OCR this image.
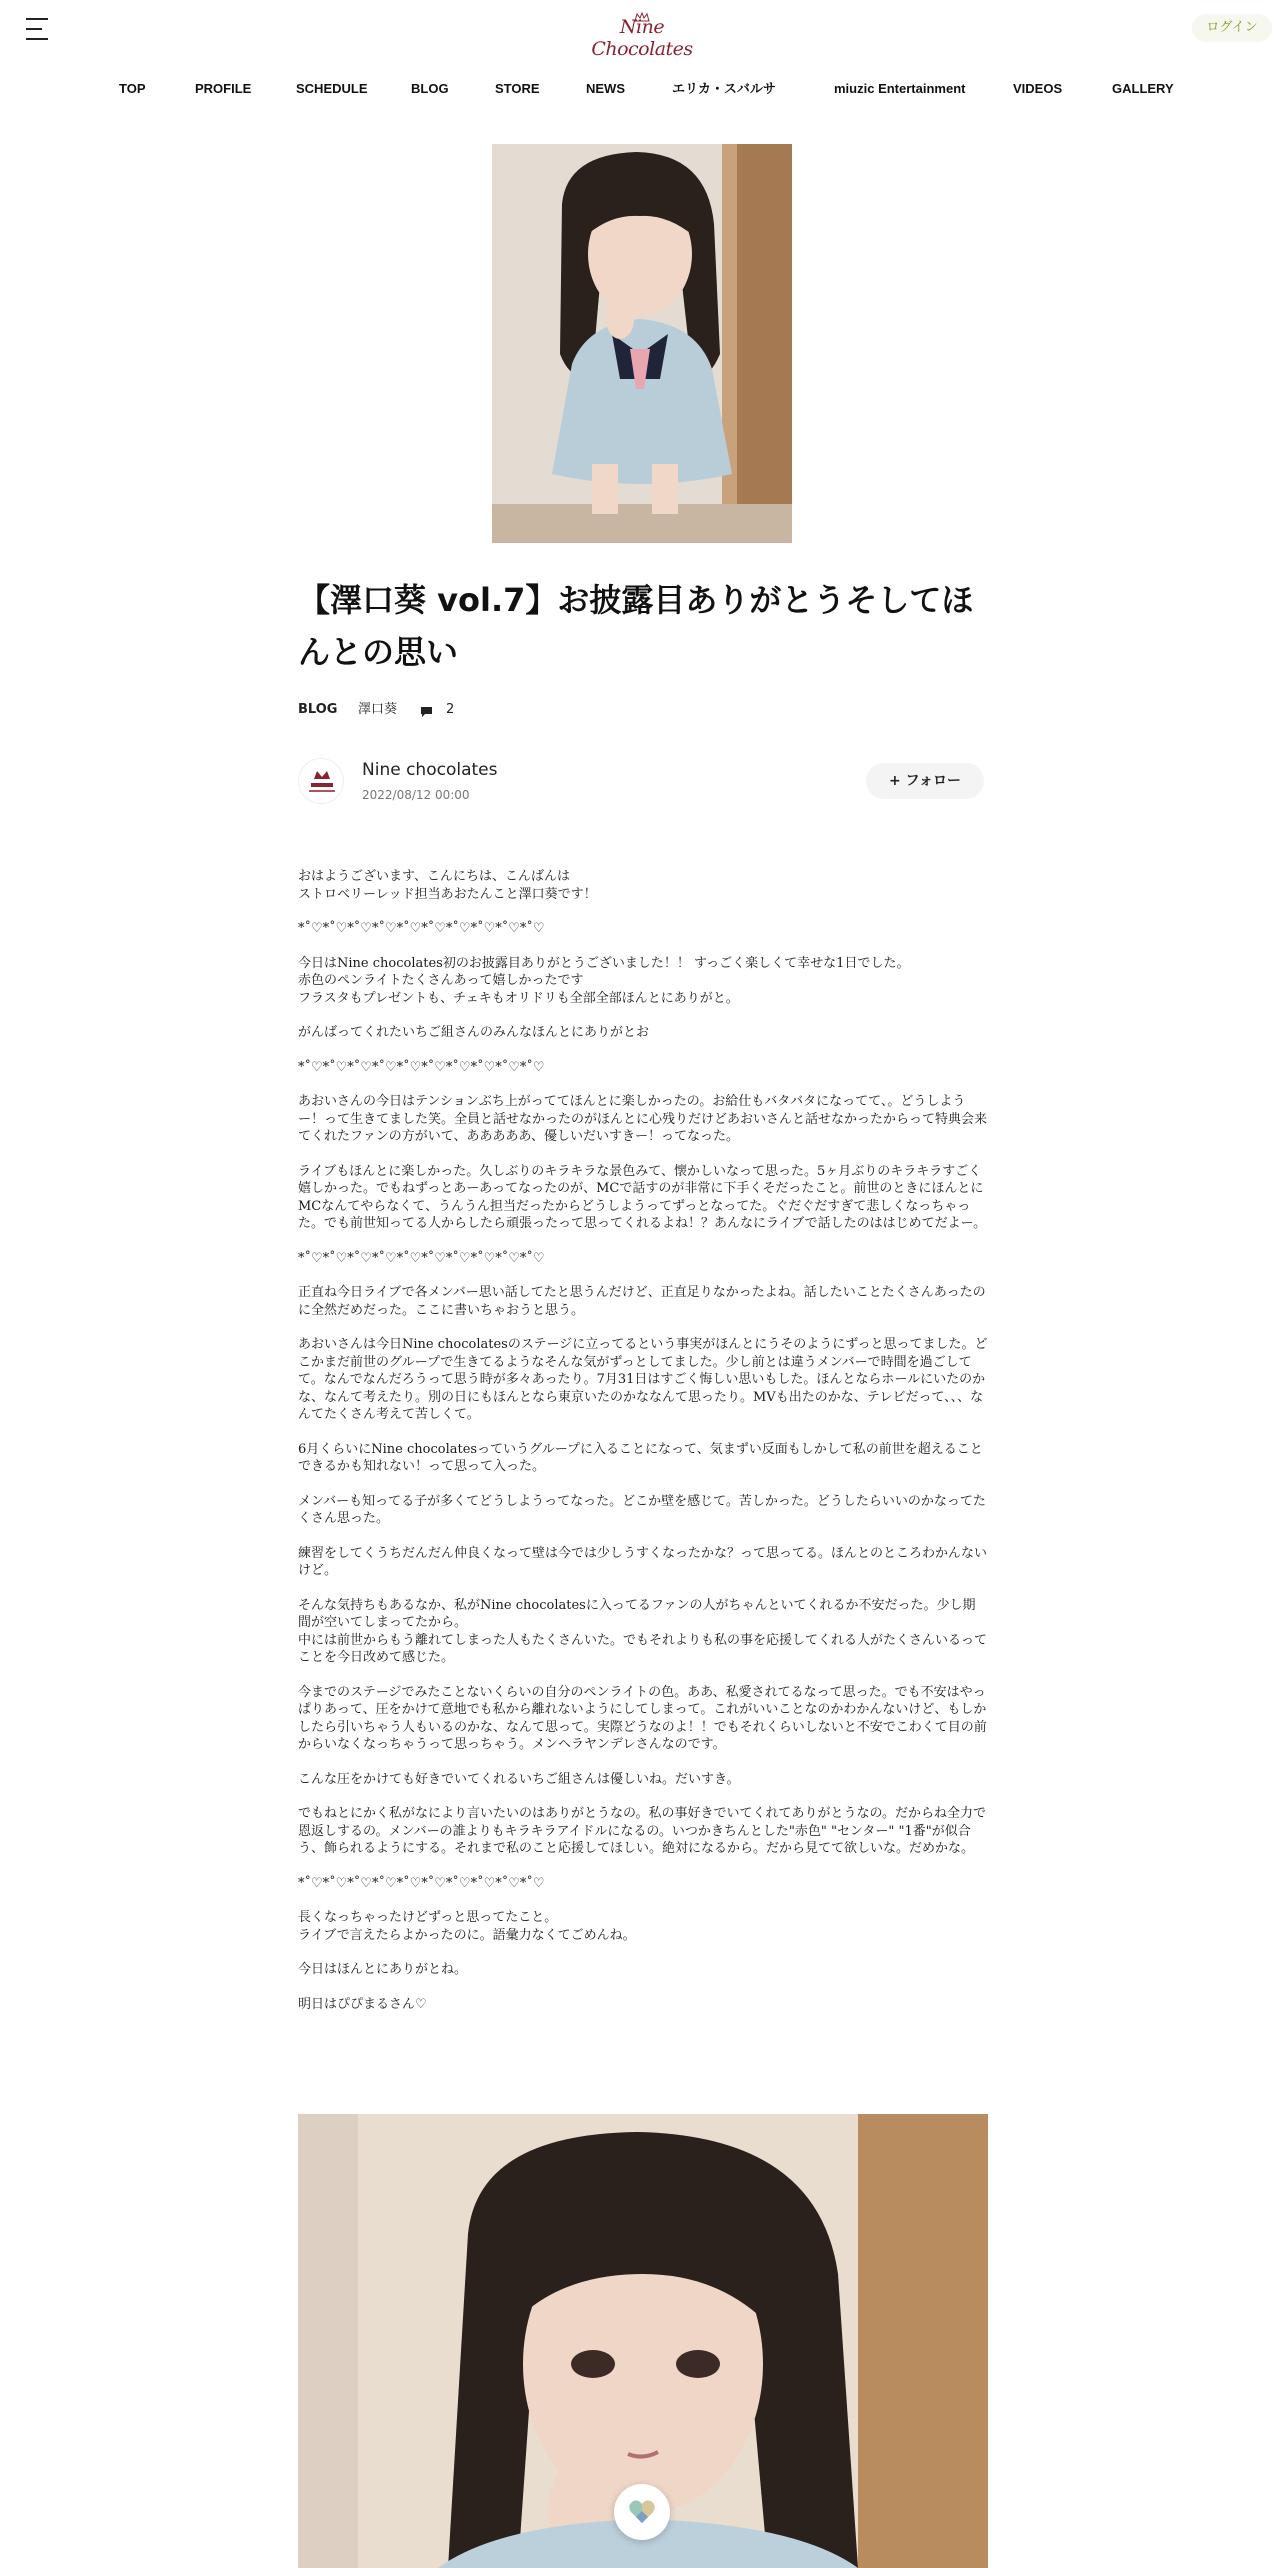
Nine Chocolates
ログイン
TOP	PROFILE	SCHEDULE	BLOG	STORE	NEWS	エリカ・スバルサ	miuzic Entertainment	VIDEOS	GALLERY
【澤口葵 vol.7】お披露目ありがとうそしてほんとの思い
BLOG 澤口葵	2
Nine chocolates
2022/08/12 00:00
+ フォロー

おはようございます、こんにちは、こんばんは
ストロベリーレッド担当あおたんこと澤口葵です！

*˚♡*˚♡*˚♡*˚♡*˚♡*˚♡*˚♡*˚♡*˚♡*˚♡

今日はNine chocolates初のお披露目ありがとうございました！！ すっごく楽しくて幸せな1日でした。
赤色のペンライトたくさんあって嬉しかったです
フラスタもプレゼントも、チェキもオリドリも全部全部ほんとにありがと。

がんばってくれたいちご組さんのみんなほんとにありがとお

*˚♡*˚♡*˚♡*˚♡*˚♡*˚♡*˚♡*˚♡*˚♡*˚♡

あおいさんの今日はテンションぶち上がっててほんとに楽しかったの。お給仕もバタバタになってて、。どうしようー！って生きてました笑。全員と話せなかったのがほんとに心残りだけどあおいさんと話せなかったからって特典会来てくれたファンの方がいて、あああああ、優しいだいすきー！ってなった。

ライブもほんとに楽しかった。久しぶりのキラキラな景色みて、懐かしいなって思った。5ヶ月ぶりのキラキラすごく嬉しかった。でもねずっとあーあってなったのが、MCで話すのが非常に下手くそだったこと。前世のときにほんとにMCなんてやらなくて、うんうん担当だったからどうしようってずっとなってた。ぐだぐだすぎて悲しくなっちゃった。でも前世知ってる人からしたら頑張ったって思ってくれるよね！？あんなにライブで話したのははじめてだよー。

*˚♡*˚♡*˚♡*˚♡*˚♡*˚♡*˚♡*˚♡*˚♡*˚♡

正直ね今日ライブで各メンバー思い話してたと思うんだけど、正直足りなかったよね。話したいことたくさんあったのに全然だめだった。ここに書いちゃおうと思う。

あおいさんは今日Nine chocolatesのステージに立ってるという事実がほんとにうそのようにずっと思ってました。どこかまだ前世のグループで生きてるようなそんな気がずっとしてました。少し前とは違うメンバーで時間を過ごしてて。なんでなんだろうって思う時が多々あったり。7月31日はすごく悔しい思いもした。ほんとならホールにいたのかな、なんて考えたり。別の日にもほんとなら東京いたのかななんて思ったり。MVも出たのかな、テレビだって、、、なんてたくさん考えて苦しくて。

6月くらいにNine chocolatesっていうグループに入ることになって、気まずい反面もしかして私の前世を超えることできるかも知れない！って思って入った。

メンバーも知ってる子が多くてどうしようってなった。どこか壁を感じて。苦しかった。どうしたらいいのかなってたくさん思った。

練習をしてくうちだんだん仲良くなって壁は今では少しうすくなったかな？って思ってる。ほんとのところわかんないけど。

そんな気持ちもあるなか、私がNine chocolatesに入ってるファンの人がちゃんといてくれるか不安だった。少し期間が空いてしまってたから。
中には前世からもう離れてしまった人もたくさんいた。でもそれよりも私の事を応援してくれる人がたくさんいるってことを今日改めて感じた。

今までのステージでみたことないくらいの自分のペンライトの色。ああ、私愛されてるなって思った。でも不安はやっぱりあって、圧をかけて意地でも私から離れないようにしてしまって。これがいいことなのかわかんないけど、もしかしたら引いちゃう人もいるのかな、なんて思って。実際どうなのよ！！でもそれくらいしないと不安でこわくて目の前からいなくなっちゃうって思っちゃう。メンヘラヤンデレさんなのです。

こんな圧をかけても好きでいてくれるいちご組さんは優しいね。だいすき。

でもねとにかく私がなにより言いたいのはありがとうなの。私の事好きでいてくれてありがとうなの。だからね全力で恩返しするの。メンバーの誰よりもキラキラアイドルになるの。いつかきちんとした"赤色" "センター" "1番"が似合う、飾られるようにする。それまで私のこと応援してほしい。絶対になるから。だから見てて欲しいな。だめかな。

*˚♡*˚♡*˚♡*˚♡*˚♡*˚♡*˚♡*˚♡*˚♡*˚♡

長くなっちゃったけどずっと思ってたこと。
ライブで言えたらよかったのに。語彙力なくてごめんね。

今日はほんとにありがとね。

明日はぴぴまるさん♡
